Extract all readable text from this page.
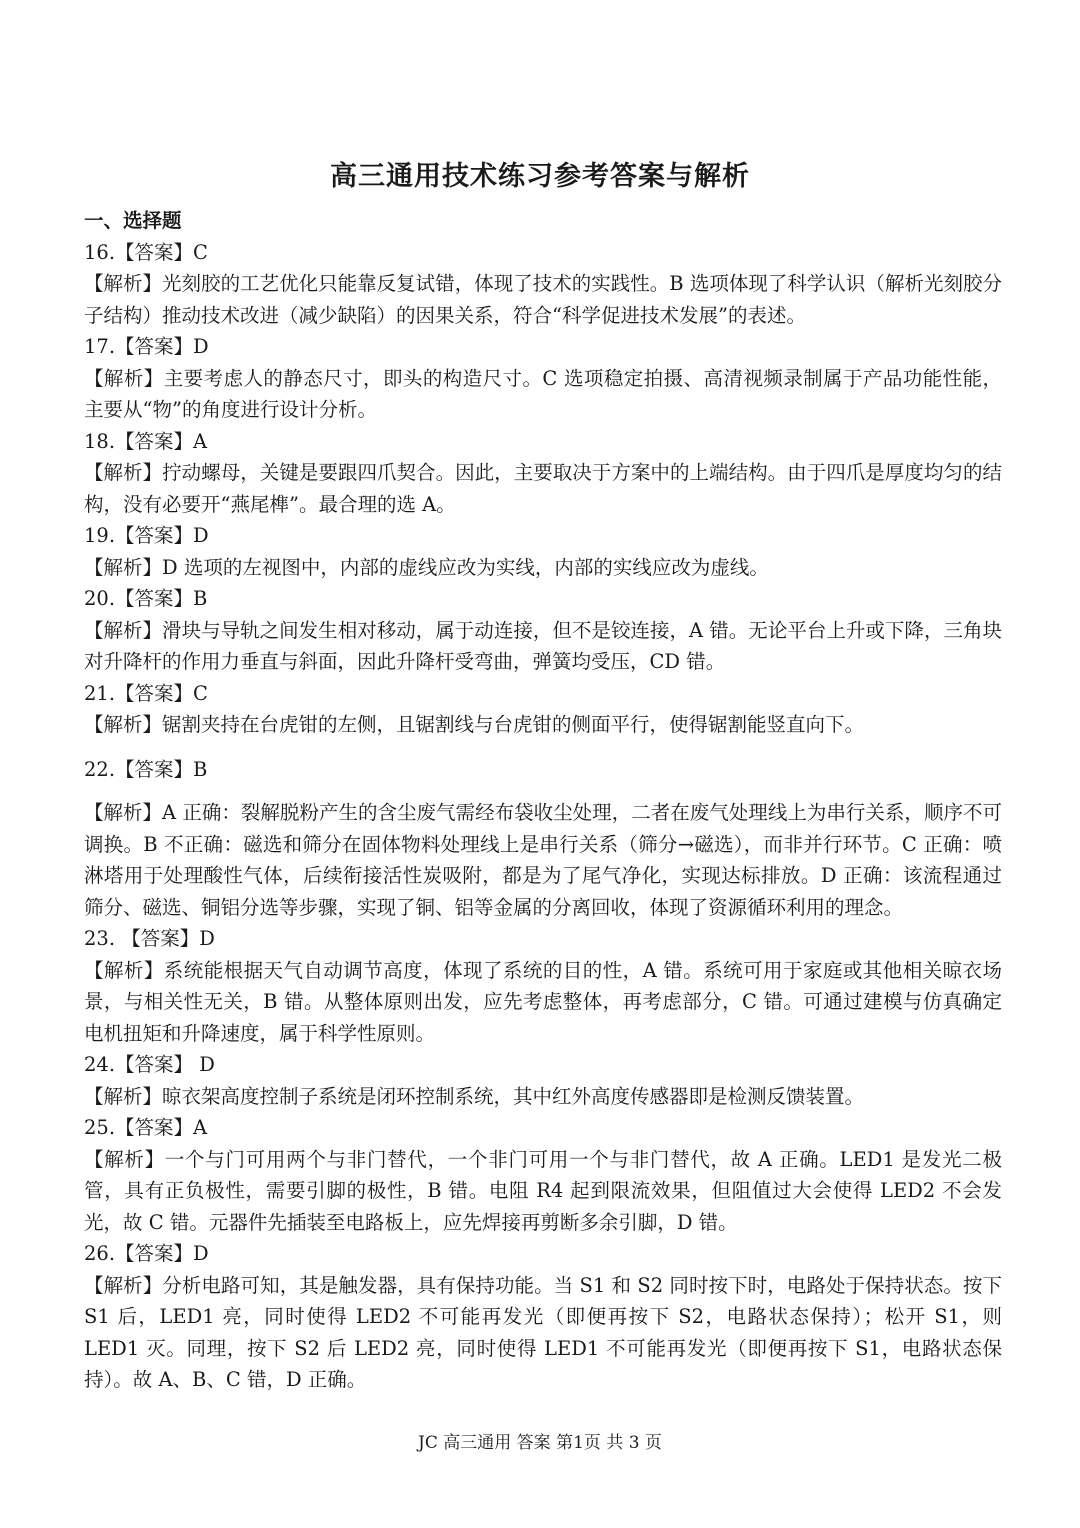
高三通用技术练习参考答案与解析
一、选择题
16.【答案】C
【解析】光刻胶的工艺优化只能靠反复试错，体现了技术的实践性。B 选项体现了科学认识（解析光刻胶分子结构）推动技术改进（减少缺陷）的因果关系，符合“科学促进技术发展”的表述。
17.【答案】D
【解析】主要考虑人的静态尺寸，即头的构造尺寸。C 选项稳定拍摄、高清视频录制属于产品功能性能，主要从“物”的角度进行设计分析。
18.【答案】A
【解析】拧动螺母，关键是要跟四爪契合。因此，主要取决于方案中的上端结构。由于四爪是厚度均匀的结构，没有必要开“燕尾榫”。最合理的选 A。
19.【答案】D
【解析】D 选项的左视图中，内部的虚线应改为实线，内部的实线应改为虚线。
20.【答案】B
【解析】滑块与导轨之间发生相对移动，属于动连接，但不是铰连接，A 错。无论平台上升或下降，三角块对升降杆的作用力垂直与斜面，因此升降杆受弯曲，弹簧均受压，CD 错。
21.【答案】C
【解析】锯割夹持在台虎钳的左侧，且锯割线与台虎钳的侧面平行，使得锯割能竖直向下。
22.【答案】B
【解析】A 正确：裂解脱粉产生的含尘废气需经布袋收尘处理，二者在废气处理线上为串行关系，顺序不可调换。B 不正确：磁选和筛分在固体物料处理线上是串行关系（筛分→磁选），而非并行环节。C 正确：喷淋塔用于处理酸性气体，后续衔接活性炭吸附，都是为了尾气净化，实现达标排放。D 正确：该流程通过筛分、磁选、铜铝分选等步骤，实现了铜、铝等金属的分离回收，体现了资源循环利用的理念。
23. 【答案】D
【解析】系统能根据天气自动调节高度，体现了系统的目的性，A 错。系统可用于家庭或其他相关晾衣场景，与相关性无关，B 错。从整体原则出发，应先考虑整体，再考虑部分，C 错。可通过建模与仿真确定电机扭矩和升降速度，属于科学性原则。
24.【答案】 D
【解析】晾衣架高度控制子系统是闭环控制系统，其中红外高度传感器即是检测反馈装置。
25.【答案】A
【解析】一个与门可用两个与非门替代，一个非门可用一个与非门替代，故 A 正确。LED1 是发光二极管，具有正负极性，需要引脚的极性，B 错。电阻 R4 起到限流效果，但阻值过大会使得 LED2 不会发光，故 C 错。元器件先插装至电路板上，应先焊接再剪断多余引脚，D 错。
26.【答案】D
【解析】分析电路可知，其是触发器，具有保持功能。当 S1 和 S2 同时按下时，电路处于保持状态。按下 S1 后，LED1 亮，同时使得 LED2 不可能再发光（即便再按下 S2，电路状态保持）；松开 S1，则 LED1 灭。同理，按下 S2 后 LED2 亮，同时使得 LED1 不可能再发光（即便再按下 S1，电路状态保持）。故 A、B、C 错，D 正确。
JC 高三通用 答案 第1页 共 3 页
